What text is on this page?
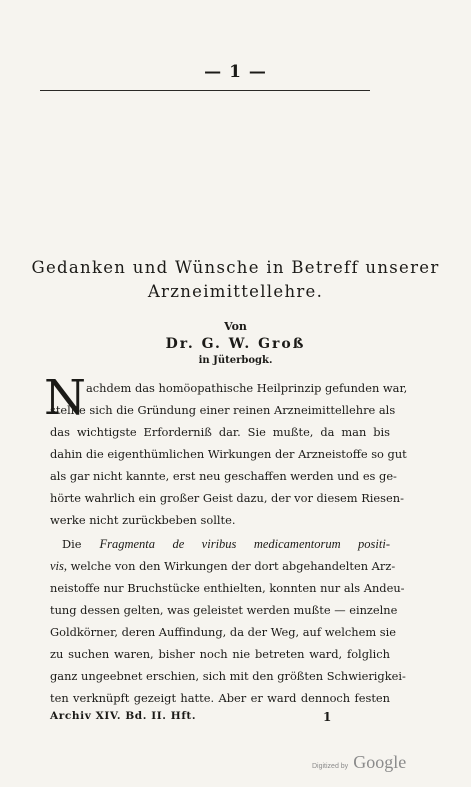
— 1 —
Gedanken und Wünsche in Betreff unserer
Arzneimittellehre.
Von
Dr. G. W. Groß
in Jüterbogk.
N achdem das homöopathische Heilprinzip gefunden war,
stellte sich die Gründung einer reinen Arzneimittellehre als
das wichtigste Erforderniß dar. Sie mußte, da man bis
dahin die eigenthümlichen Wirkungen der Arzneistoffe so gut
als gar nicht kannte, erst neu geschaffen werden und es ge-
hörte wahrlich ein großer Geist dazu, der vor diesem Riesen-
werke nicht zurückbeben sollte.
Die Fragmenta de viribus medicamentorum positi-
vis, welche von den Wirkungen der dort abgehandelten Arz-
neistoffe nur Bruchstücke enthielten, konnten nur als Andeu-
tung dessen gelten, was geleistet werden mußte — einzelne
Goldkörner, deren Auffindung, da der Weg, auf welchem sie
zu suchen waren, bisher noch nie betreten ward, folglich
ganz ungeebnet erschien, sich mit den größten Schwierigkei-
ten verknüpft gezeigt hatte. Aber er ward dennoch festen
Archiv XIV. Bd. II. Hft.	1
Digitized by Google
